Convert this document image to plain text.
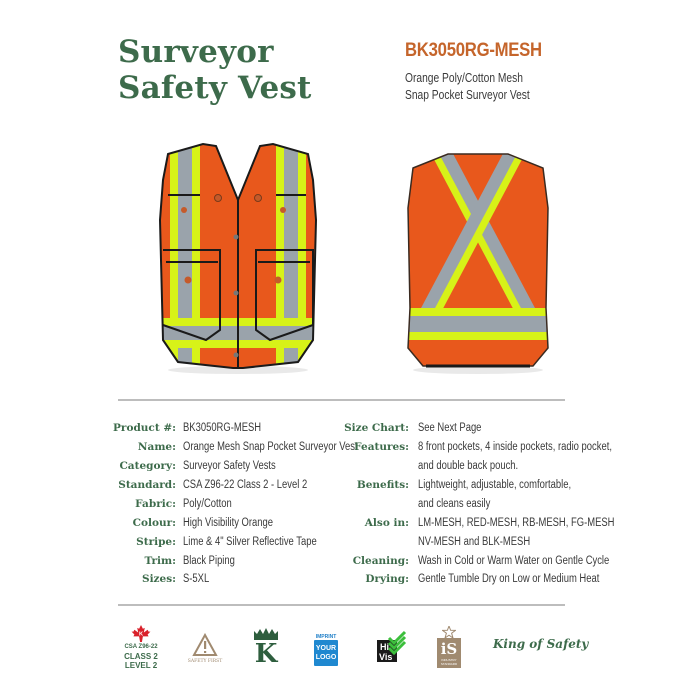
Surveyor
Safety Vest
BK3050RG-MESH
Orange Poly/Cotton Mesh
Snap Pocket Surveyor Vest
Product #: BK3050RG-MESH
Name: Orange Mesh Snap Pocket Surveyor Vest
Category: Surveyor Safety Vests
Standard: CSA Z96-22 Class 2 - Level 2
Fabric: Poly/Cotton
Colour: High Visibility Orange
Stripe: Lime & 4" Silver Reflective Tape
Trim: Black Piping
Sizes: S-5XL
Size Chart: See Next Page
Features: 8 front pockets, 4 inside pockets, radio pocket,
and double back pouch.
Benefits: Lightweight, adjustable, comfortable,
and cleans easily
Also in: LM-MESH, RED-MESH, RB-MESH, FG-MESH
NV-MESH and BLK-MESH
Cleaning: Wash in Cold or Warm Water on Gentle Cycle
Drying: Gentle Tumble Dry on Low or Medium Heat
K
CSA Z96-22
CLASS 2
LEVEL 2	SAFETY FIRST K
IMPRINT
YOUR
LOGO
Hi
Vis	iS
INDUSTRY STANDARD
King of Safety
